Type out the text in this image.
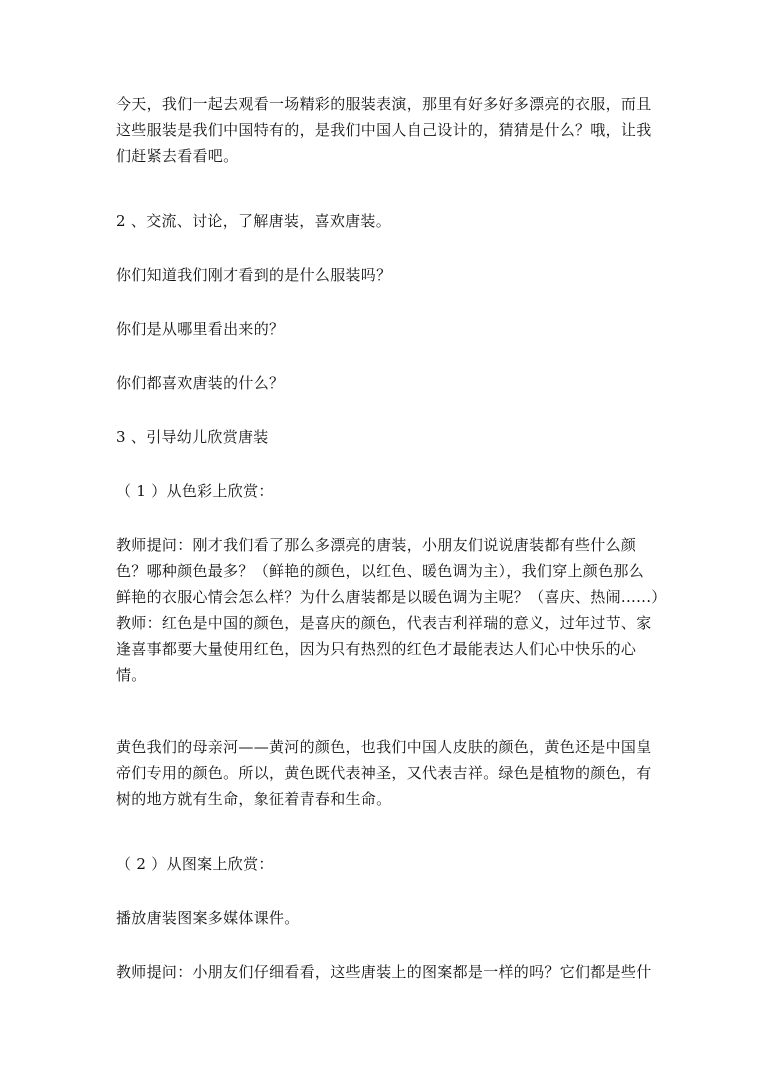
今天，我们一起去观看一场精彩的服装表演，那里有好多好多漂亮的衣服，而且
这些服装是我们中国特有的，是我们中国人自己设计的，猜猜是什么？哦，让我
们赶紧去看看吧。
2 、交流、讨论，了解唐装，喜欢唐装。
你们知道我们刚才看到的是什么服装吗？
你们是从哪里看出来的？
你们都喜欢唐装的什么？
3 、引导幼儿欣赏唐装
（ 1 ）从色彩上欣赏：
教师提问：刚才我们看了那么多漂亮的唐装，小朋友们说说唐装都有些什么颜
色？哪种颜色最多？（鲜艳的颜色，以红色、暖色调为主），我们穿上颜色那么
鲜艳的衣服心情会怎么样？为什么唐装都是以暖色调为主呢？（喜庆、热闹......）
教师：红色是中国的颜色，是喜庆的颜色，代表吉利祥瑞的意义，过年过节、家
逢喜事都要大量使用红色，因为只有热烈的红色才最能表达人们心中快乐的心
情。
黄色我们的母亲河——黄河的颜色，也我们中国人皮肤的颜色，黄色还是中国皇
帝们专用的颜色。所以，黄色既代表神圣，又代表吉祥。绿色是植物的颜色，有
树的地方就有生命，象征着青春和生命。
（ 2 ）从图案上欣赏：
播放唐装图案多媒体课件。
教师提问：小朋友们仔细看看，这些唐装上的图案都是一样的吗？它们都是些什
